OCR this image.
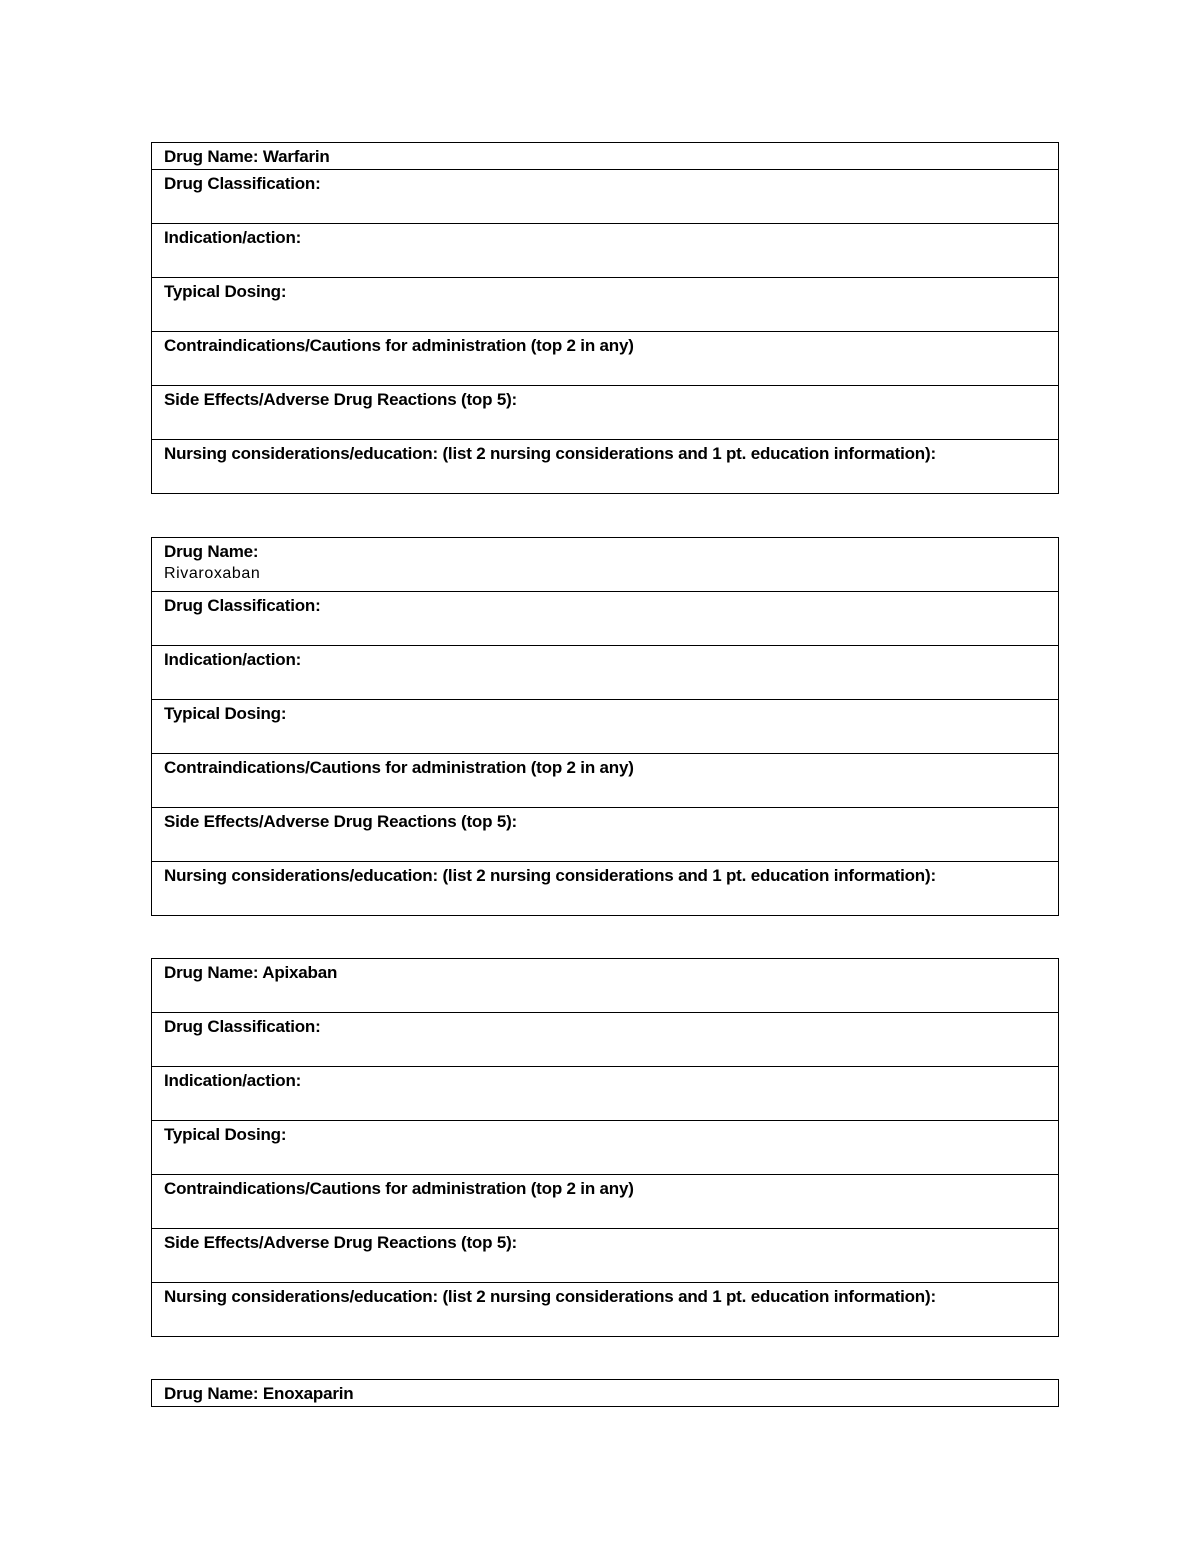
Drug Name: Warfarin
Drug Classification:
Indication/action:
Typical Dosing:
Contraindications/Cautions for administration (top 2 in any)
Side Effects/Adverse Drug Reactions (top 5):
Nursing considerations/education: (list 2 nursing considerations and 1 pt. education information):
Drug Name:
Rivaroxaban

Drug Classification:
Indication/action:
Typical Dosing:
Contraindications/Cautions for administration (top 2 in any)
Side Effects/Adverse Drug Reactions (top 5):
Nursing considerations/education: (list 2 nursing considerations and 1 pt. education information):
Drug Name: Apixaban
Drug Classification:
Indication/action:
Typical Dosing:
Contraindications/Cautions for administration (top 2 in any)
Side Effects/Adverse Drug Reactions (top 5):
Nursing considerations/education: (list 2 nursing considerations and 1 pt. education information):
Drug Name: Enoxaparin
